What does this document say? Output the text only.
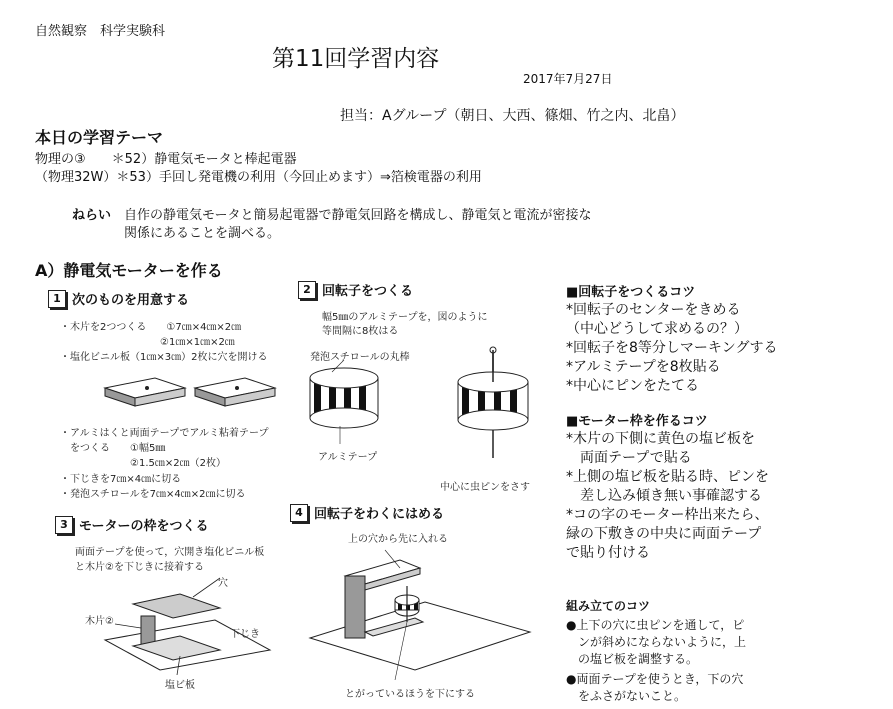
自然観察　科学実験科
第11回学習内容
2017年7月27日
担当：Aグループ（朝日、大西、篠畑、竹之内、北畠）
本日の学習テーマ
物理の③　　＊52）静電気モータと棒起電器
（物理32W）＊53）手回し発電機の利用（今回止めます）⇒箔検電器の利用
ねらい 自作の静電気モータと簡易起電器で静電気回路を構成し、静電気と電流が密接な
関係にあることを調べる。
A）静電気モーターを作る
1 次のものを用意する
・木片を2つつくる　　①7㎝×4㎝×2㎝
　　　　　　　　　　②1㎝×1㎝×2㎝
・塩化ビニル板（1㎝×3㎝）2枚に穴を開ける
・アルミはくと両面テープでアルミ粘着テープ
　をつくる　　①幅5㎜
　　　　　　　②1.5㎝×2㎝（2枚）
・下じきを7㎝×4㎝に切る
・発泡スチロールを7㎝×4㎝×2㎝に切る
3 モーターの枠をつくる
両面テープを使って，穴開き塩化ビニル板
と木片②を下じきに接着する
穴
木片②
下じき
塩ビ板
2 回転子をつくる
幅5㎜のアルミテープを，図のように
等間隔に8枚はる
発泡スチロールの丸棒
アルミテープ
中心に虫ピンをさす
4 回転子をわくにはめる
上の穴から先に入れる
とがっているほうを下にする
■回転子をつくるコツ
*回転子のセンターをきめる
（中心どうして求めるの？）
*回転子を8等分しマーキングする
*アルミテープを8枚貼る
*中心にピンをたてる
■モーター枠を作るコツ
*木片の下側に黄色の塩ビ板を
　両面テープで貼る
*上側の塩ビ板を貼る時、ピンを
　差し込み傾き無い事確認する
*コの字のモーター枠出来たら、
緑の下敷きの中央に両面テープ
で貼り付ける
組み立てのコツ
●上下の穴に虫ピンを通して，ピ
　ンが斜めにならないように，上
　の塩ビ板を調整する。
●両面テープを使うとき，下の穴
　をふさがないこと。
